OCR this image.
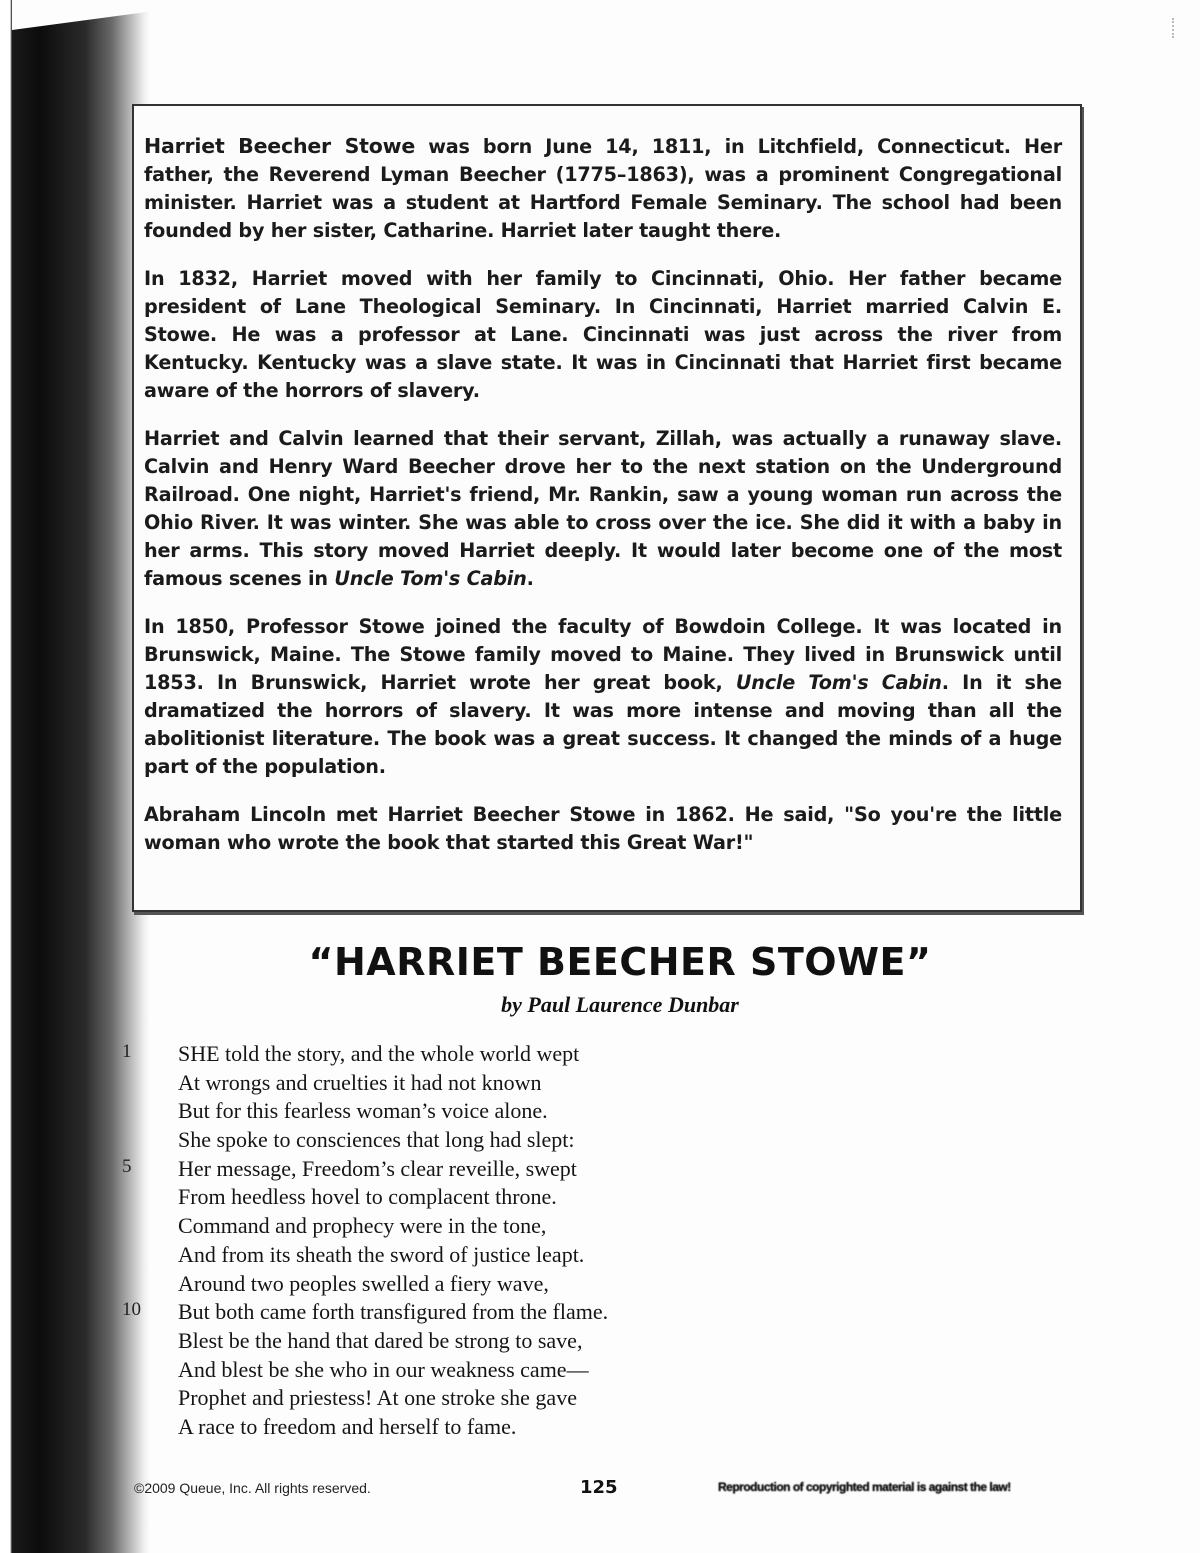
Harriet Beecher Stowe was born June 14, 1811, in Litchfield, Connecticut. Her father, the Reverend Lyman Beecher (1775–1863), was a prominent Congregational minister. Harriet was a student at Hartford Female Seminary. The school had been founded by her sister, Catharine. Harriet later taught there.

In 1832, Harriet moved with her family to Cincinnati, Ohio. Her father became president of Lane Theological Seminary. In Cincinnati, Harriet married Calvin E. Stowe. He was a professor at Lane. Cincinnati was just across the river from Kentucky. Kentucky was a slave state. It was in Cincinnati that Harriet first became aware of the horrors of slavery.

Harriet and Calvin learned that their servant, Zillah, was actually a runaway slave. Calvin and Henry Ward Beecher drove her to the next station on the Underground Railroad. One night, Harriet's friend, Mr. Rankin, saw a young woman run across the Ohio River. It was winter. She was able to cross over the ice. She did it with a baby in her arms. This story moved Harriet deeply. It would later become one of the most famous scenes in Uncle Tom's Cabin.

In 1850, Professor Stowe joined the faculty of Bowdoin College. It was located in Brunswick, Maine. The Stowe family moved to Maine. They lived in Brunswick until 1853. In Brunswick, Harriet wrote her great book, Uncle Tom's Cabin. In it she dramatized the horrors of slavery. It was more intense and moving than all the abolitionist literature. The book was a great success. It changed the minds of a huge part of the population.

Abraham Lincoln met Harriet Beecher Stowe in 1862. He said, "So you're the little woman who wrote the book that started this Great War!"

“HARRIET BEECHER STOWE”
by Paul Laurence Dunbar
1
5
10
SHE told the story, and the whole world wept
At wrongs and cruelties it had not known
But for this fearless woman’s voice alone.
She spoke to consciences that long had slept:
Her message, Freedom’s clear reveille, swept
From heedless hovel to complacent throne.
Command and prophecy were in the tone,
And from its sheath the sword of justice leapt.
Around two peoples swelled a fiery wave,
But both came forth transfigured from the flame.
Blest be the hand that dared be strong to save,
And blest be she who in our weakness came—
Prophet and priestess! At one stroke she gave
A race to freedom and herself to fame.
©2009 Queue, Inc. All rights reserved.	125	Reproduction of copyrighted material is against the law!
